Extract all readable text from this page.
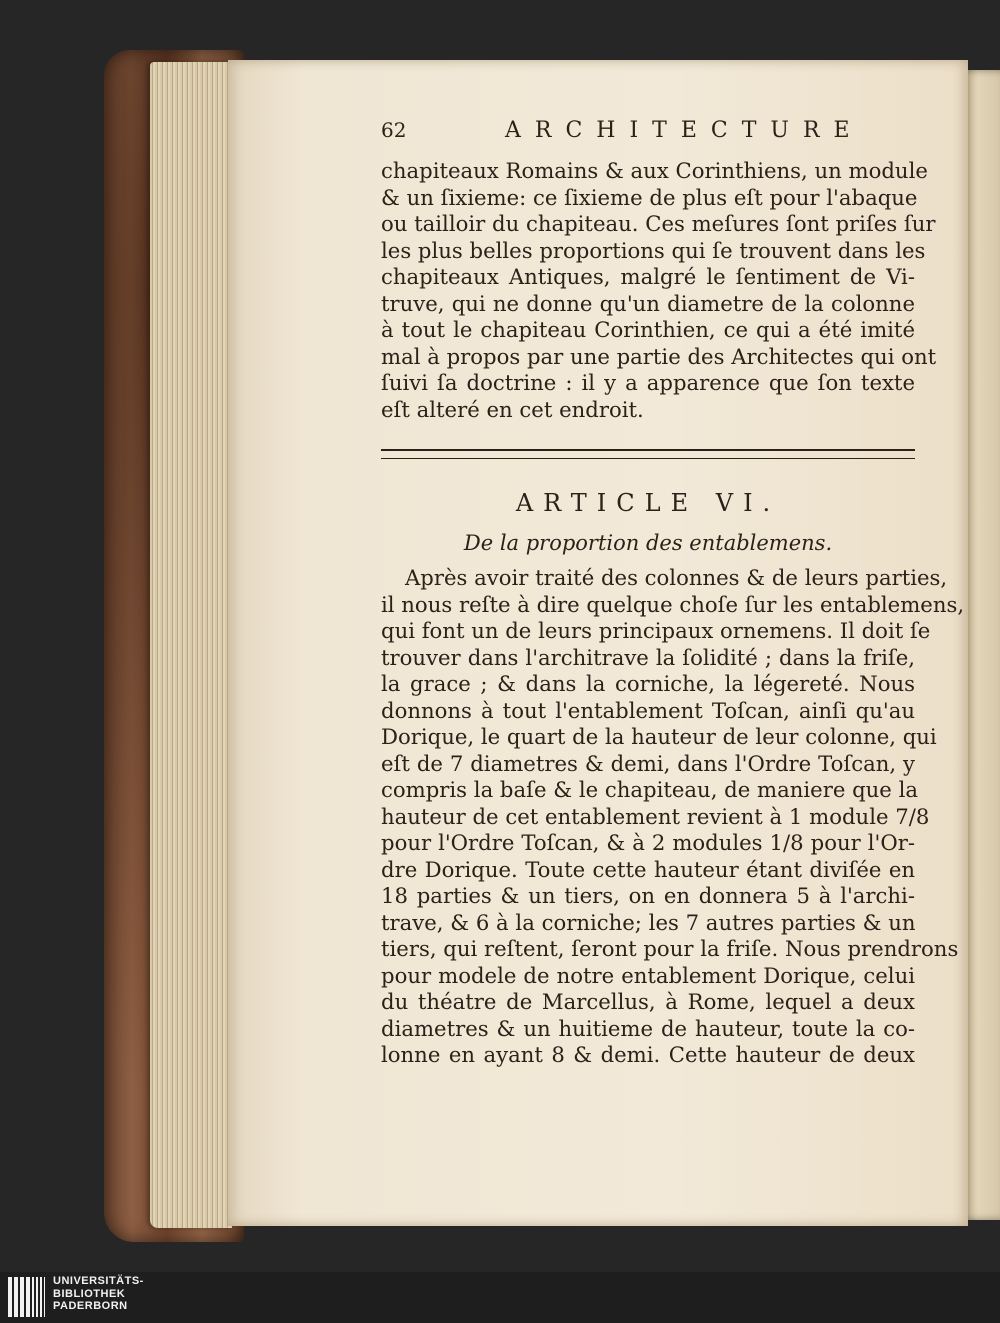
62	ARCHITECTURE

chapiteaux Romains & aux Corinthiens, un module
& un ſixieme: ce ſixieme de plus eſt pour l'abaque
ou tailloir du chapiteau. Ces meſures ſont priſes ſur
les plus belles proportions qui ſe trouvent dans les
chapiteaux Antiques, malgré le ſentiment de Vi-
truve, qui ne donne qu'un diametre de la colonne
à tout le chapiteau Corinthien, ce qui a été imité
mal à propos par une partie des Architectes qui ont
ſuivi ſa doctrine : il y a apparence que ſon texte
eſt alteré en cet endroit.

ARTICLE VI.
De la proportion des entablemens.

Après avoir traité des colonnes & de leurs parties,
il nous reſte à dire quelque choſe ſur les entablemens,
qui font un de leurs principaux ornemens. Il doit ſe
trouver dans l'architrave la ſolidité ; dans la friſe,
la grace ; & dans la corniche, la légereté. Nous
donnons à tout l'entablement Toſcan, ainſi qu'au
Dorique, le quart de la hauteur de leur colonne, qui
eſt de 7 diametres & demi, dans l'Ordre Toſcan, y
compris la baſe & le chapiteau, de maniere que la
hauteur de cet entablement revient à 1 module 7/8
pour l'Ordre Toſcan, & à 2 modules 1/8 pour l'Or-
dre Dorique. Toute cette hauteur étant diviſée en
18 parties & un tiers, on en donnera 5 à l'archi-
trave, & 6 à la corniche; les 7 autres parties & un
tiers, qui reſtent, ſeront pour la friſe. Nous prendrons
pour modele de notre entablement Dorique, celui
du théatre de Marcellus, à Rome, lequel a deux
diametres & un huitieme de hauteur, toute la co-
lonne en ayant 8 & demi. Cette hauteur de deux

UNIVERSITÄTS-
BIBLIOTHEK
PADERBORN
